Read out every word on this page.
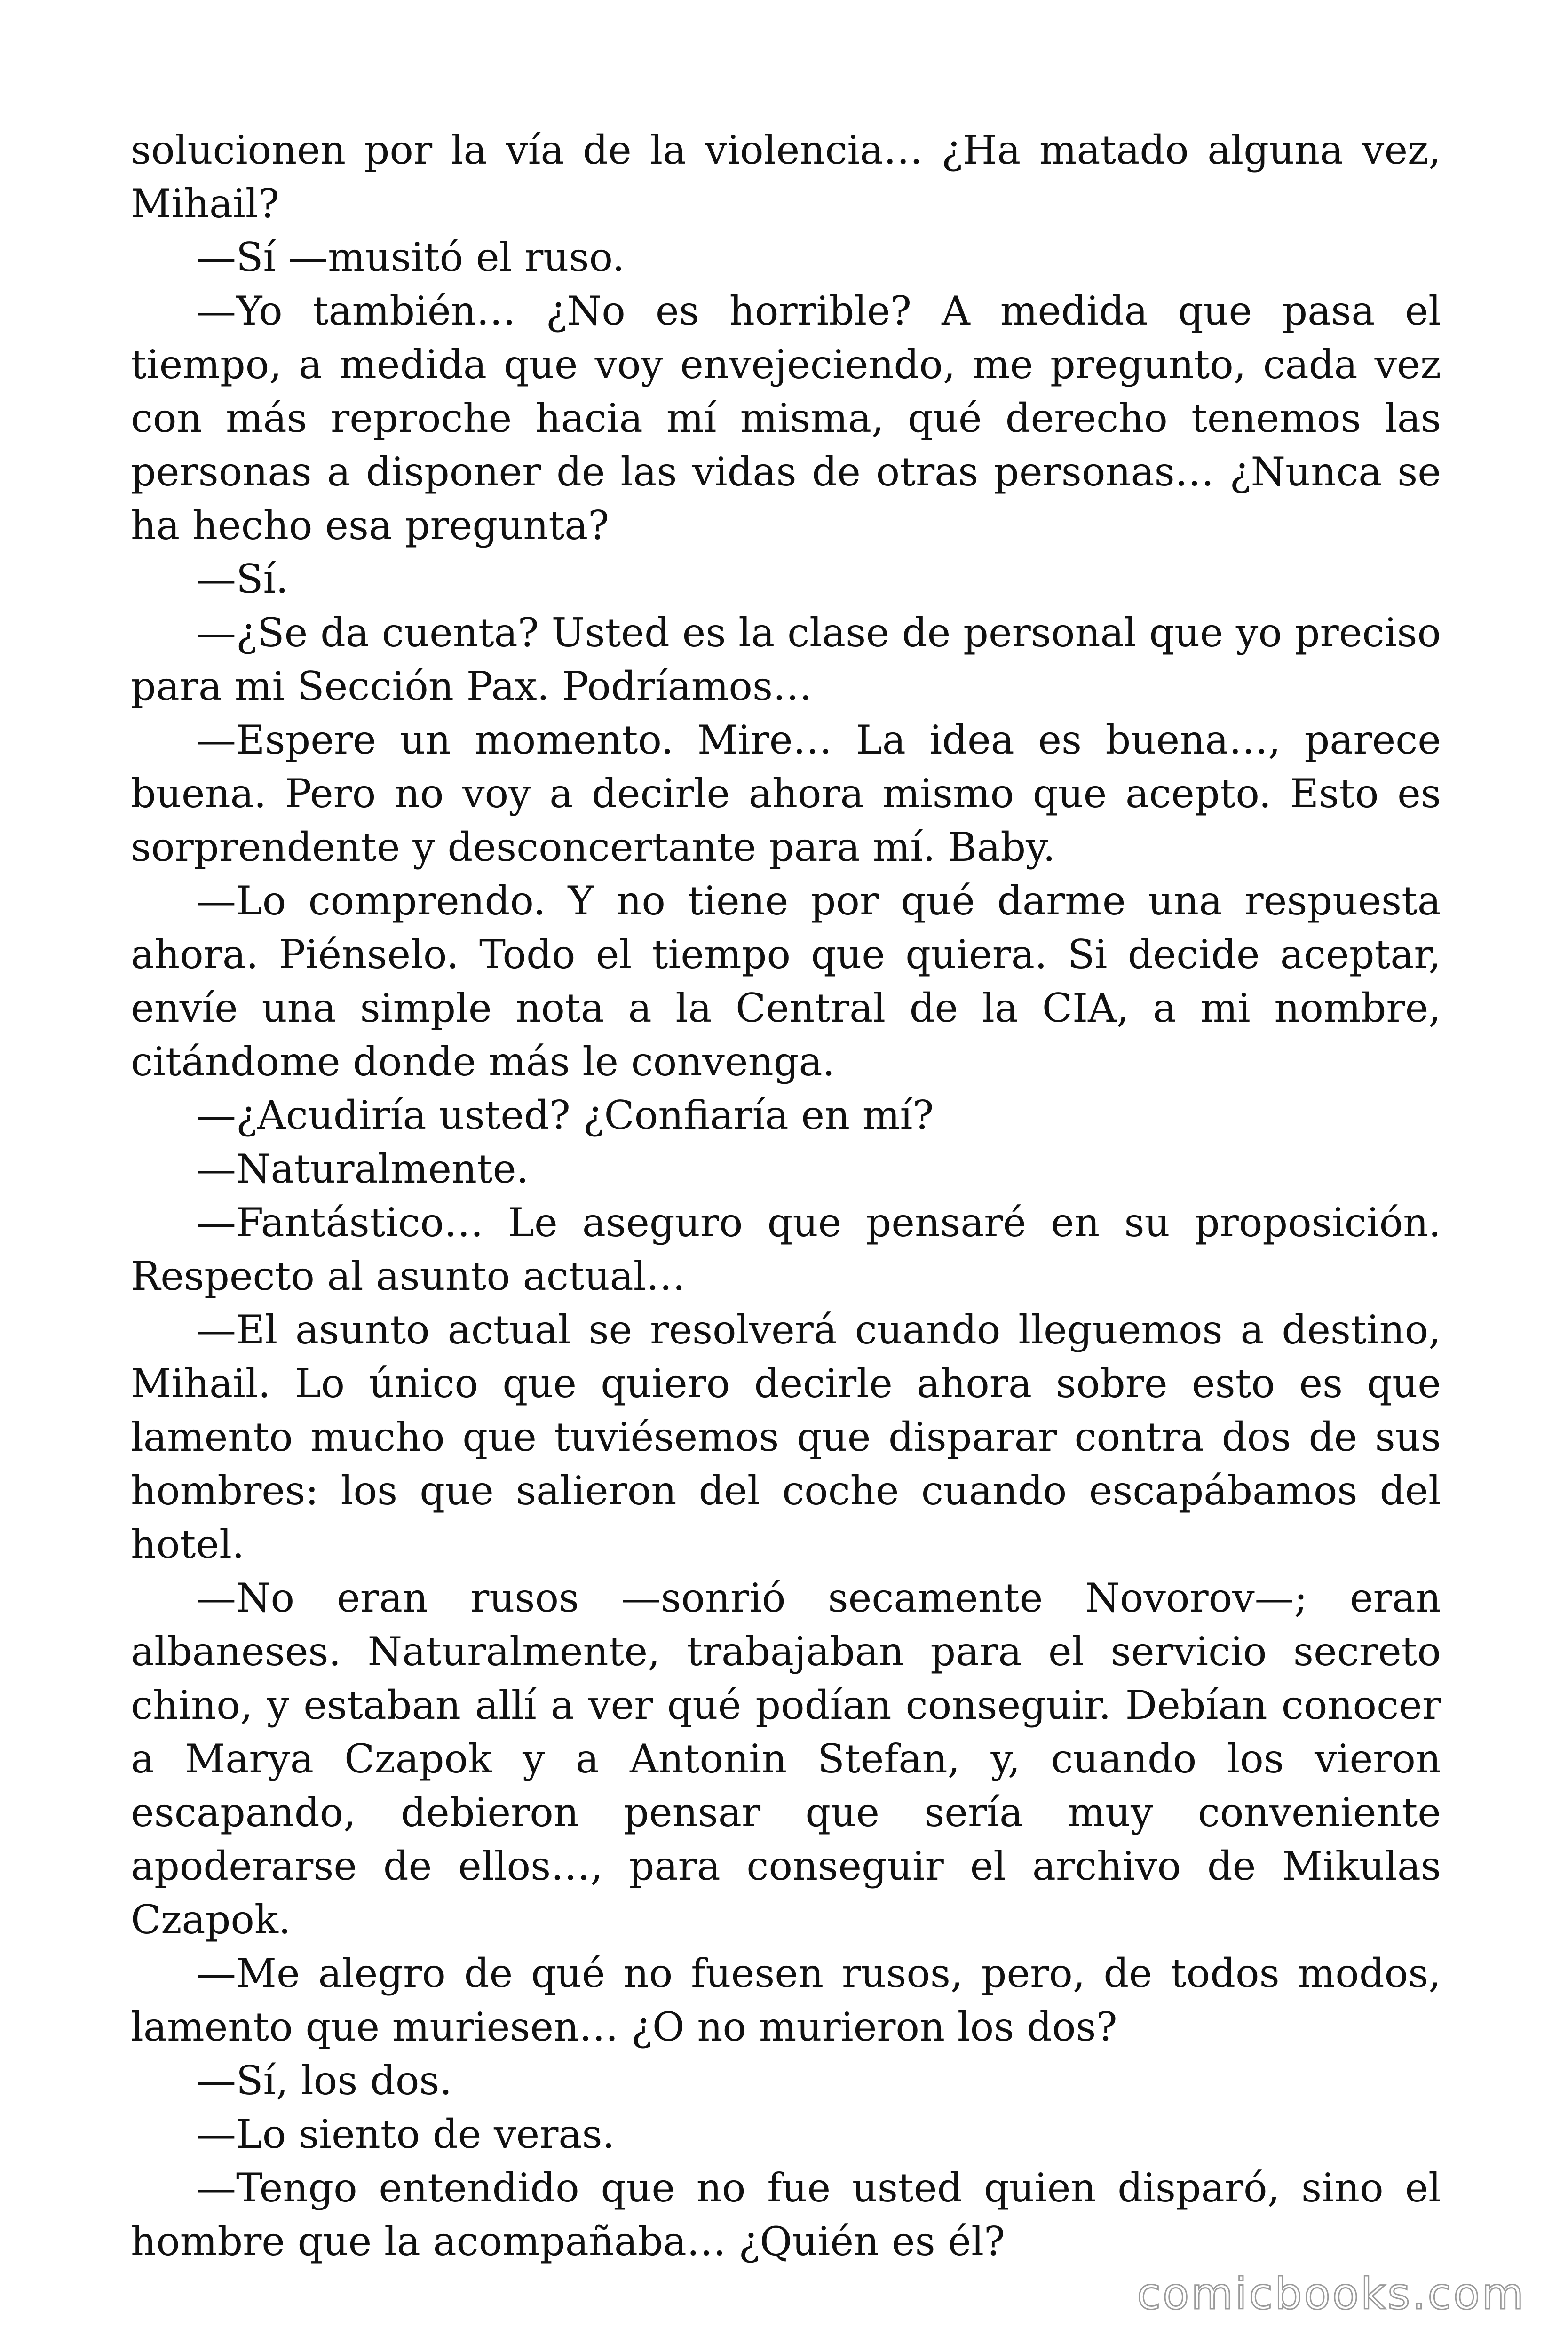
solucionen por la vía de la violencia… ¿Ha matado alguna vez, Mihail?

—Sí —musitó el ruso.

—Yo también… ¿No es horrible? A medida que pasa el tiempo, a medida que voy envejeciendo, me pregunto, cada vez con más reproche hacia mí misma, qué derecho tenemos las personas a disponer de las vidas de otras personas… ¿Nunca se ha hecho esa pregunta?

—Sí.

—¿Se da cuenta? Usted es la clase de personal que yo preciso para mi Sección Pax. Podríamos…

—Espere un momento. Mire… La idea es buena…, parece buena. Pero no voy a decirle ahora mismo que acepto. Esto es sorprendente y desconcertante para mí. Baby.

—Lo comprendo. Y no tiene por qué darme una respuesta ahora. Piénselo. Todo el tiempo que quiera. Si decide aceptar, envíe una simple nota a la Central de la CIA, a mi nombre, citándome donde más le convenga.

—¿Acudiría usted? ¿Confiaría en mí?

—Naturalmente.

—Fantástico… Le aseguro que pensaré en su proposición. Respecto al asunto actual…

—El asunto actual se resolverá cuando lleguemos a destino, Mihail. Lo único que quiero decirle ahora sobre esto es que lamento mucho que tuviésemos que disparar contra dos de sus hombres: los que salieron del coche cuando escapábamos del hotel.

—No eran rusos —sonrió secamente Novorov—; eran albaneses. Naturalmente, trabajaban para el servicio secreto chino, y estaban allí a ver qué podían conseguir. Debían conocer a Marya Czapok y a Antonin Stefan, y, cuando los vieron escapando, debieron pensar que sería muy conveniente apoderarse de ellos…, para conseguir el archivo de Mikulas Czapok.

—Me alegro de qué no fuesen rusos, pero, de todos modos, lamento que muriesen… ¿O no murieron los dos?

—Sí, los dos.

—Lo siento de veras.

—Tengo entendido que no fue usted quien disparó, sino el hombre que la acompañaba… ¿Quién es él?

comicbooks.com
